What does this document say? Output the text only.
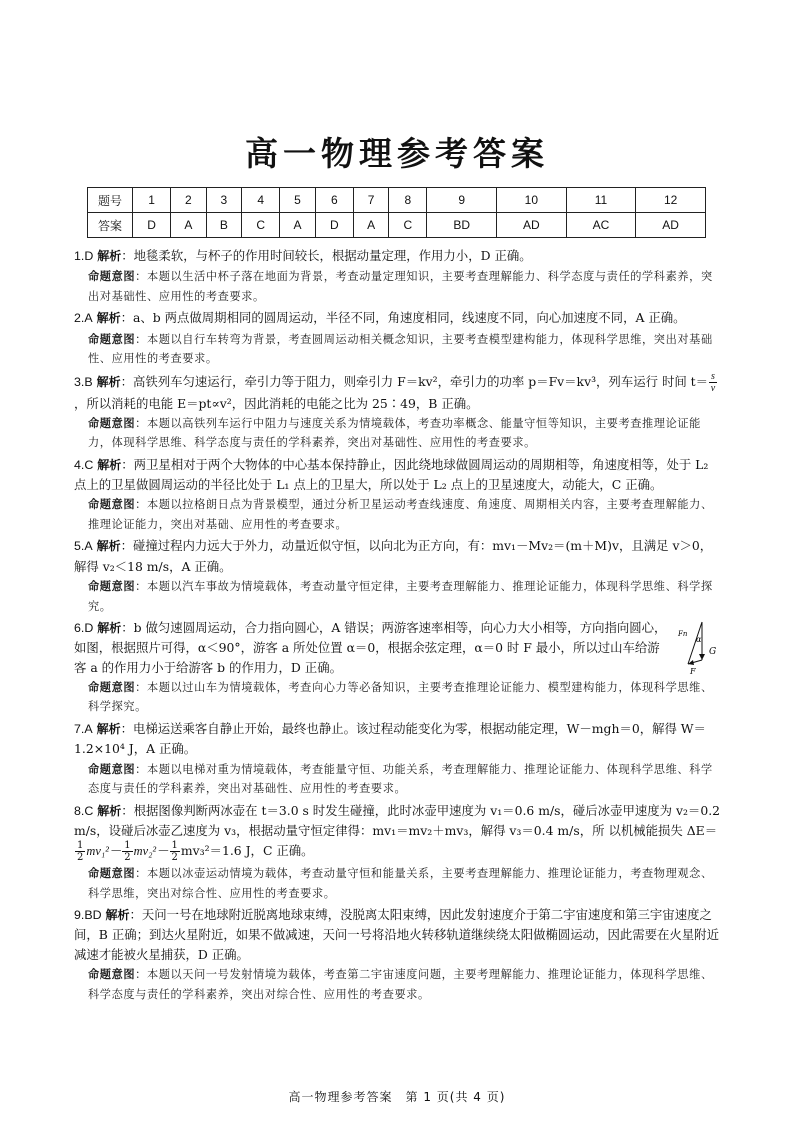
高一物理参考答案
题号	1	2	3	4	5	6	7	8	9	10	11	12
答案	D	A	B	C	A	D	A	C	BD	AD	AC	AD

1.D 解析：地毯柔软，与杯子的作用时间较长，根据动量定理，作用力小，D 正确。

命题意图：本题以生活中杯子落在地面为背景，考查动量定理知识，主要考查理解能力、科学态度与责任的学科素养，突出对基础性、应用性的考查要求。

2.A 解析：a、b 两点做周期相同的圆周运动，半径不同，角速度相同，线速度不同，向心加速度不同，A 正确。

命题意图：本题以自行车转弯为背景，考查圆周运动相关概念知识，主要考查模型建构能力，体现科学思维，突出对基础性、应用性的考查要求。

3.B 解析：高铁列车匀速运行，牵引力等于阻力，则牵引力 F＝kv²，牵引力的功率 p＝Fv＝kv³，列车运行 时间 $t= \frac{s}{v}$
，所以消耗的电能 E＝pt∝v²，因此消耗的电能之比为 25∶49，B 正确。

命题意图：本题以高铁列车运行中阻力与速度关系为情境载体，考查功率概念、能量守恒等知识，主要考查推理论证能力，体现科学思维、科学态度与责任的学科素养，突出对基础性、应用性的考查要求。

4.C 解析：两卫星相对于两个大物体的中心基本保持静止，因此绕地球做圆周运动的周期相等，角速度相等，处于 L₂ 点上的卫星做圆周运动的半径比处于 L₁ 点上的卫星大，所以处于 L₂ 点上的卫星速度大，动能大，C 正确。

命题意图：本题以拉格朗日点为背景模型，通过分析卫星运动考查线速度、角速度、周期相关内容，主要考查理解能力、推理论证能力，突出对基础、应用性的考查要求。

5.A 解析：碰撞过程内力远大于外力，动量近似守恒，以向北为正方向，有：mv₁－Mv₂＝(m＋M)v，且满足 v＞0，解得 v₂＜18 m/s，A 正确。

命题意图：本题以汽车事故为情境载体，考查动量守恒定律，主要考查理解能力、推理论证能力，体现科学思维、科学探究。

Fn
α
G
F
6.D 解析：b 做匀速圆周运动，合力指向圆心，A 错误；两游客速率相等，向心力大小相等，方向指向圆心，如图，根据照片可得，α＜90°，游客 a 所处位置 α＝0，根据余弦定理，α＝0 时 F 最小，所以过山车给游客 a 的作用力小于给游客 b 的作用力，D 正确。

命题意图：本题以过山车为情境载体，考查向心力等必备知识，主要考查推理论证能力、模型建构能力，体现科学思维、科学探究。

7.A 解析：电梯运送乘客自静止开始，最终也静止。该过程动能变化为零，根据动能定理，W－mgh＝0，解得 W＝1.2×10⁴ J，A 正确。

命题意图：本题以电梯对重为情境载体，考查能量守恒、功能关系，考查理解能力、推理论证能力、体现科学思维、科学态度与责任的学科素养，突出对基础性、应用性的考查要求。

8.C 解析：根据图像判断两冰壶在 t＝3.0 s 时发生碰撞，此时冰壶甲速度为 v₁＝0.6 m/s，碰后冰壶甲速度为 v₂＝0.2 m/s，设碰后冰壶乙速度为 v₃，根据动量守恒定律得：mv₁＝mv₂＋mv₃，解得 v₃＝0.4 m/s，所 以机械能损失 ΔE＝
$\frac{1}{2} mv_1^2- \frac{1}{2} mv_2^2- \frac{1}{2} mv_3^2=1.6$ J，C 正确。

命题意图：本题以冰壶运动情境为载体，考查动量守恒和能量关系，主要考查理解能力、推理论证能力，考查物理观念、科学思维，突出对综合性、应用性的考查要求。

9.BD 解析：天问一号在地球附近脱离地球束缚，没脱离太阳束缚，因此发射速度介于第二宇宙速度和第三宇宙速度之间，B 正确；到达火星附近，如果不做减速，天问一号将沿地火转移轨道继续绕太阳做椭圆运动，因此需要在火星附近减速才能被火星捕获，D 正确。

命题意图：本题以天问一号发射情境为载体，考查第二宇宙速度问题，主要考理解能力、推理论证能力，体现科学思维、科学态度与责任的学科素养，突出对综合性、应用性的考查要求。
高一物理参考答案　第 1 页(共 4 页)
